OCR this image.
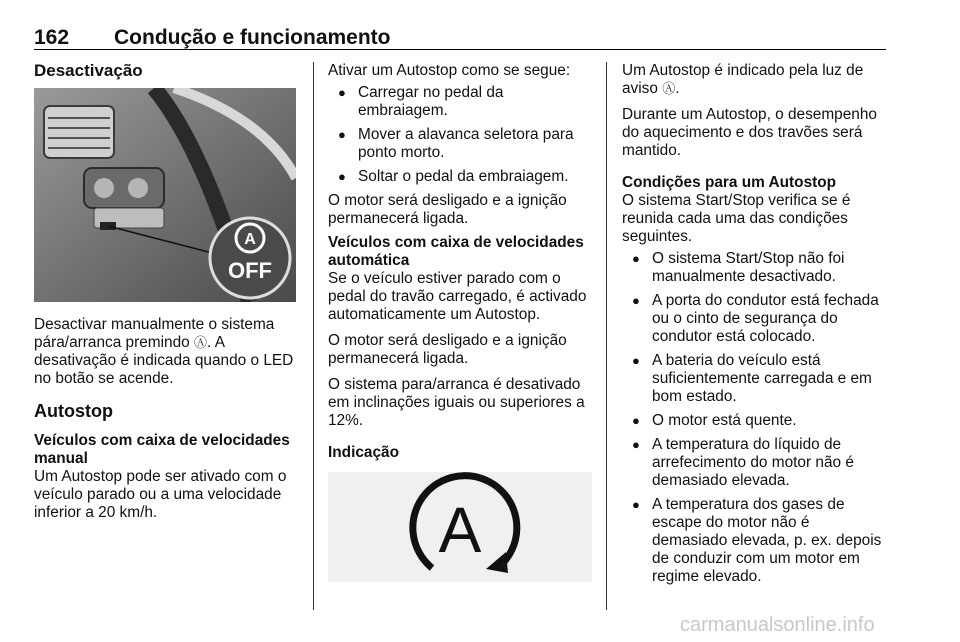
162 Condução e funcionamento
Desactivação
A
OFF

Desactivar manualmente o sistema pára/arranca premindo Ⓐ. A desativação é indicada quando o LED no botão se acende.

Autostop
Veículos com caixa de velocidades manual

Um Autostop pode ser ativado com o veículo parado ou a uma velocidade inferior a 20 km/h.

Ativar um Autostop como se segue:

● Carregar no pedal da embraiagem.
● Mover a alavanca seletora para ponto morto.
● Soltar o pedal da embraiagem.

O motor será desligado e a ignição permanecerá ligada.

Veículos com caixa de velocidades automática

Se o veículo estiver parado com o pedal do travão carregado, é activado automaticamente um Autostop.

O motor será desligado e a ignição permanecerá ligada.

O sistema para/arranca é desativado em inclinações iguais ou superiores a 12%.

Indicação
A

Um Autostop é indicado pela luz de aviso Ⓐ.

Durante um Autostop, o desempenho do aquecimento e dos travões será mantido.

Condições para um Autostop

O sistema Start/Stop verifica se é reunida cada uma das condições seguintes.

● O sistema Start/Stop não foi manualmente desactivado.
● A porta do condutor está fechada ou o cinto de segurança do condutor está colocado.
● A bateria do veículo está suficientemente carregada e em bom estado.
● O motor está quente.
● A temperatura do líquido de arrefecimento do motor não é demasiado elevada.
● A temperatura dos gases de escape do motor não é demasiado elevada, p. ex. depois de conduzir com um motor em regime elevado.
carmanualsonline.info
